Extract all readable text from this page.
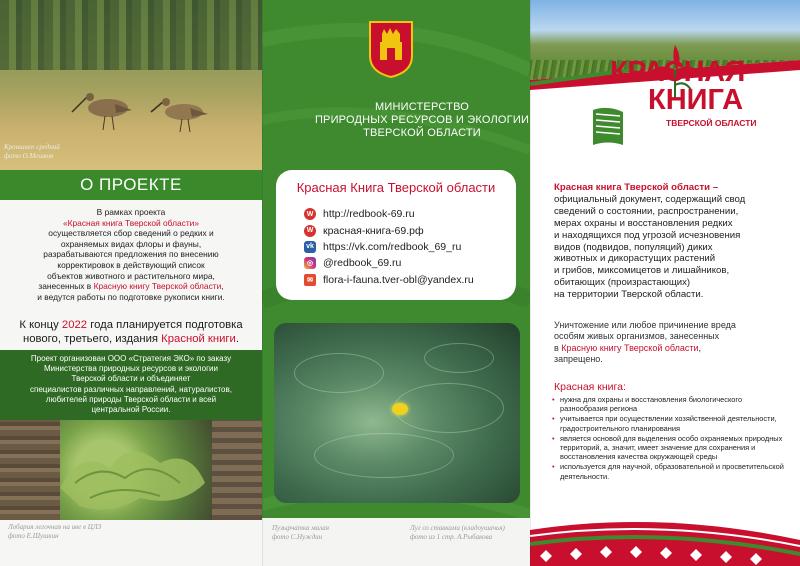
Кроншнеп средний
фото О.Мешков
О ПРОЕКТЕ
В рамках проекта
«Красная книга Тверской области»
осуществляется сбор сведений о редких и
охраняемых видах флоры и фауны,
разрабатываются предложения по внесению
корректировок в действующий список
объектов животного и растительного мира,
занесенных в Красную книгу Тверской области,
и ведутся работы по подготовке рукописи книги.
К концу 2022 года планируется подготовка
нового, третьего, издания Красной книги.
Проект организован ООО «Стратегия ЭКО» по заказу
Министерства природных ресурсов и экологии
Тверской области и объединяет
специалистов различных направлений, натуралистов,
любителей природы Тверской области и всей
центральной России.
Лобария легочная на иве в ЦЛЗ
фото Е.Шушкин
МИНИСТЕРСТВО
ПРИРОДНЫХ РЕСУРСОВ И ЭКОЛОГИИ
ТВЕРСКОЙ ОБЛАСТИ
Красная Книга Тверской области
W http://redbook-69.ru
W красная-книга-69.рф
vk https://vk.com/redbook_69_ru
◎ @redbook_69.ru
✉ flora-i-fauna.tver-obl@yandex.ru
Пузырчатка малая
фото С.Нуждин
Луг со ставками (кладоушачья)
фото из 1 стр. А.Рыбакова
КРАСНАЯ
КНИГА
ТВЕРСКОЙ ОБЛАСТИ
Красная книга Тверской области –
официальный документ, содержащий свод
сведений о состоянии, распространении,
мерах охраны и восстановления редких
и находящихся под угрозой исчезновения
видов (подвидов, популяций) диких
животных и дикорастущих растений
и грибов, миксомицетов и лишайников,
обитающих (произрастающих)
на территории Тверской области.
Уничтожение или любое причинение вреда
особям живых организмов, занесенных
в Красную книгу Тверской области,
запрещено.
Красная книга:
• нужна для охраны и восстановления биологического разнообразия региона
• учитывается при осуществлении хозяйственной деятельности, градостроительного планирования
• является основой для выделения особо охраняемых природных территорий, а, значит, имеет значение для сохранения и восстановления качества окружающей среды
• используется для научной, образовательной и просветительской деятельности.
